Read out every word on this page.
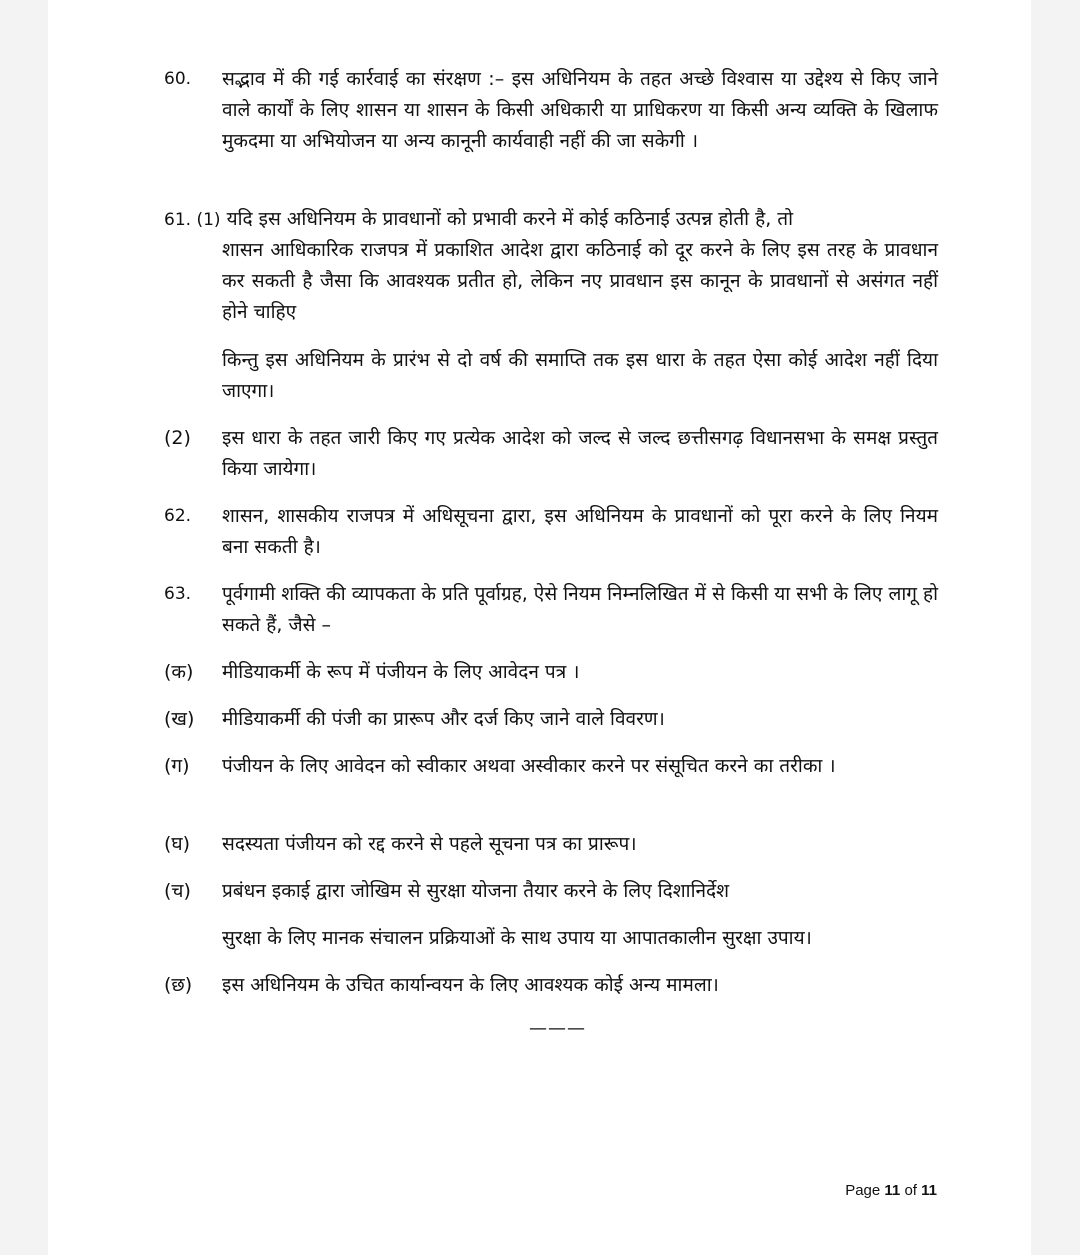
60. सद्भाव में की गई कार्रवाई का संरक्षण :– इस अधिनियम के तहत अच्छे विश्वास या उद्देश्य से किए जाने वाले कार्यों के लिए शासन या शासन के किसी अधिकारी या प्राधिकरण या किसी अन्य व्यक्ति के खिलाफ मुकदमा या अभियोजन या अन्य कानूनी कार्यवाही नहीं की जा सकेगी ।
61. (1) यदि इस अधिनियम के प्रावधानों को प्रभावी करने में कोई कठिनाई उत्पन्न होती है, तो
शासन आधिकारिक राजपत्र में प्रकाशित आदेश द्वारा कठिनाई को दूर करने के लिए इस तरह के प्रावधान कर सकती है जैसा कि आवश्यक प्रतीत हो, लेकिन नए प्रावधान इस कानून के प्रावधानों से असंगत नहीं होने चाहिए
किन्तु इस अधिनियम के प्रारंभ से दो वर्ष की समाप्ति तक इस धारा के तहत ऐसा कोई आदेश नहीं दिया जाएगा।
(2) इस धारा के तहत जारी किए गए प्रत्येक आदेश को जल्द से जल्द छत्तीसगढ़ विधानसभा के समक्ष प्रस्तुत किया जायेगा।
62. शासन, शासकीय राजपत्र में अधिसूचना द्वारा, इस अधिनियम के प्रावधानों को पूरा करने के लिए नियम बना सकती है।
63. पूर्वगामी शक्ति की व्यापकता के प्रति पूर्वाग्रह, ऐसे नियम निम्नलिखित में से किसी या सभी के लिए लागू हो सकते हैं, जैसे –
(क) मीडियाकर्मी के रूप में पंजीयन के लिए आवेदन पत्र ।
(ख) मीडियाकर्मी की पंजी का प्रारूप और दर्ज किए जाने वाले विवरण।
(ग) पंजीयन के लिए आवेदन को स्वीकार अथवा अस्वीकार करने पर संसूचित करने का तरीका ।
(घ) सदस्यता पंजीयन को रद्द करने से पहले सूचना पत्र का प्रारूप।
(च) प्रबंधन इकाई द्वारा जोखिम से सुरक्षा योजना तैयार करने के लिए दिशानिर्देश
सुरक्षा के लिए मानक संचालन प्रक्रियाओं के साथ उपाय या आपातकालीन सुरक्षा उपाय।
(छ) इस अधिनियम के उचित कार्यान्वयन के लिए आवश्यक कोई अन्य मामला।
———
Page 11 of 11
